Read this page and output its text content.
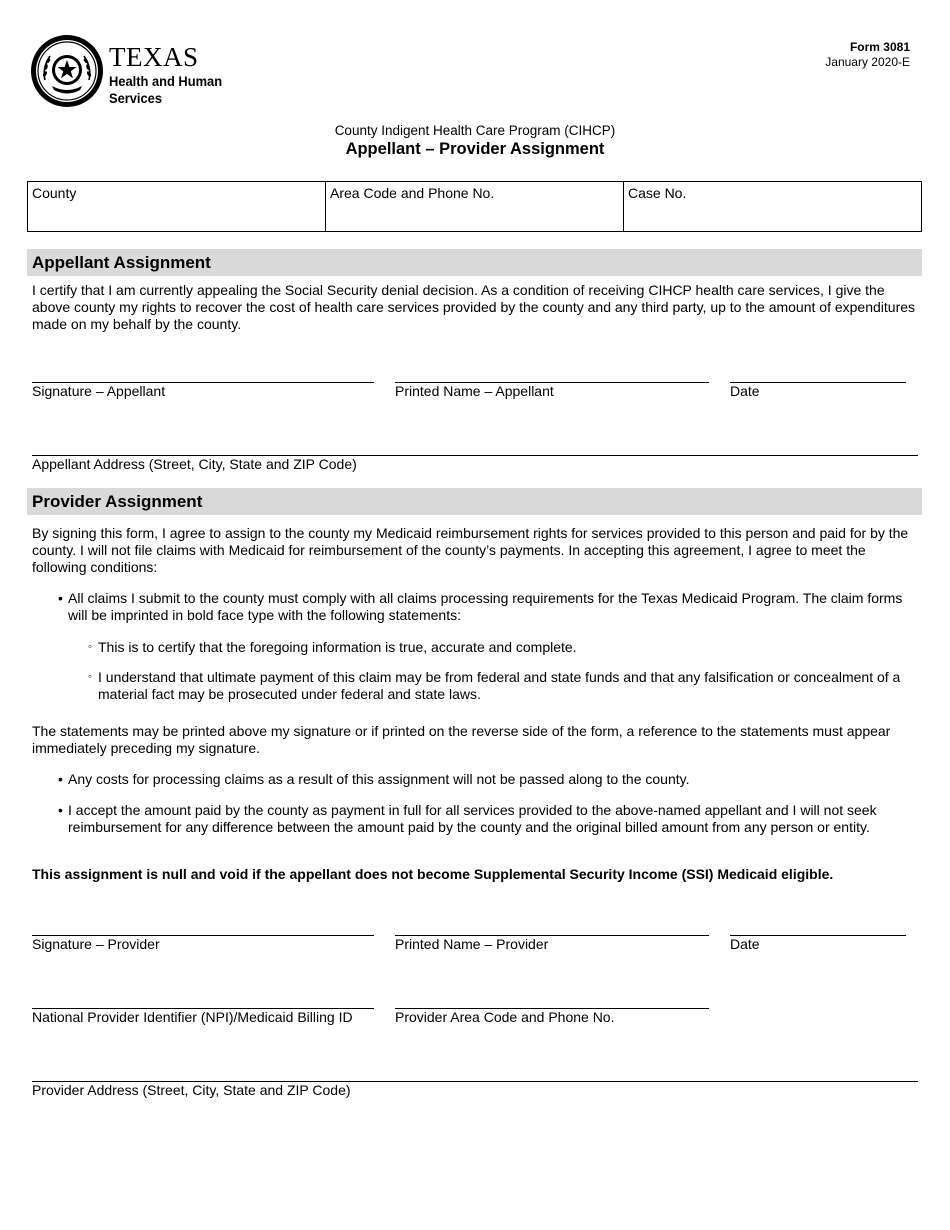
TEXAS
Health and Human
Services
Form 3081
January 2020-E
County Indigent Health Care Program (CIHCP)
Appellant – Provider Assignment
County	Area Code and Phone No.	Case No.
Appellant Assignment
I certify that I am currently appealing the Social Security denial decision. As a condition of receiving CIHCP health care services, I give the above county my rights to recover the cost of health care services provided by the county and any third party, up to the amount of expenditures made on my behalf by the county.
Signature – Appellant	Printed Name – Appellant	Date
Appellant Address (Street, City, State and ZIP Code)
Provider Assignment
By signing this form, I agree to assign to the county my Medicaid reimbursement rights for services provided to this person and paid for by the county. I will not file claims with Medicaid for reimbursement of the county’s payments. In accepting this agreement, I agree to meet the following conditions:
• All claims I submit to the county must comply with all claims processing requirements for the Texas Medicaid Program. The claim forms will be imprinted in bold face type with the following statements:
◦ This is to certify that the foregoing information is true, accurate and complete.
◦ I understand that ultimate payment of this claim may be from federal and state funds and that any falsification or concealment of a material fact may be prosecuted under federal and state laws.
The statements may be printed above my signature or if printed on the reverse side of the form, a reference to the statements must appear immediately preceding my signature.
• Any costs for processing claims as a result of this assignment will not be passed along to the county.
• I accept the amount paid by the county as payment in full for all services provided to the above-named appellant and I will not seek reimbursement for any difference between the amount paid by the county and the original billed amount from any person or entity.
This assignment is null and void if the appellant does not become Supplemental Security Income (SSI) Medicaid eligible.
Signature – Provider	Printed Name – Provider	Date
National Provider Identifier (NPI)/Medicaid Billing ID	Provider Area Code and Phone No.
Provider Address (Street, City, State and ZIP Code)
